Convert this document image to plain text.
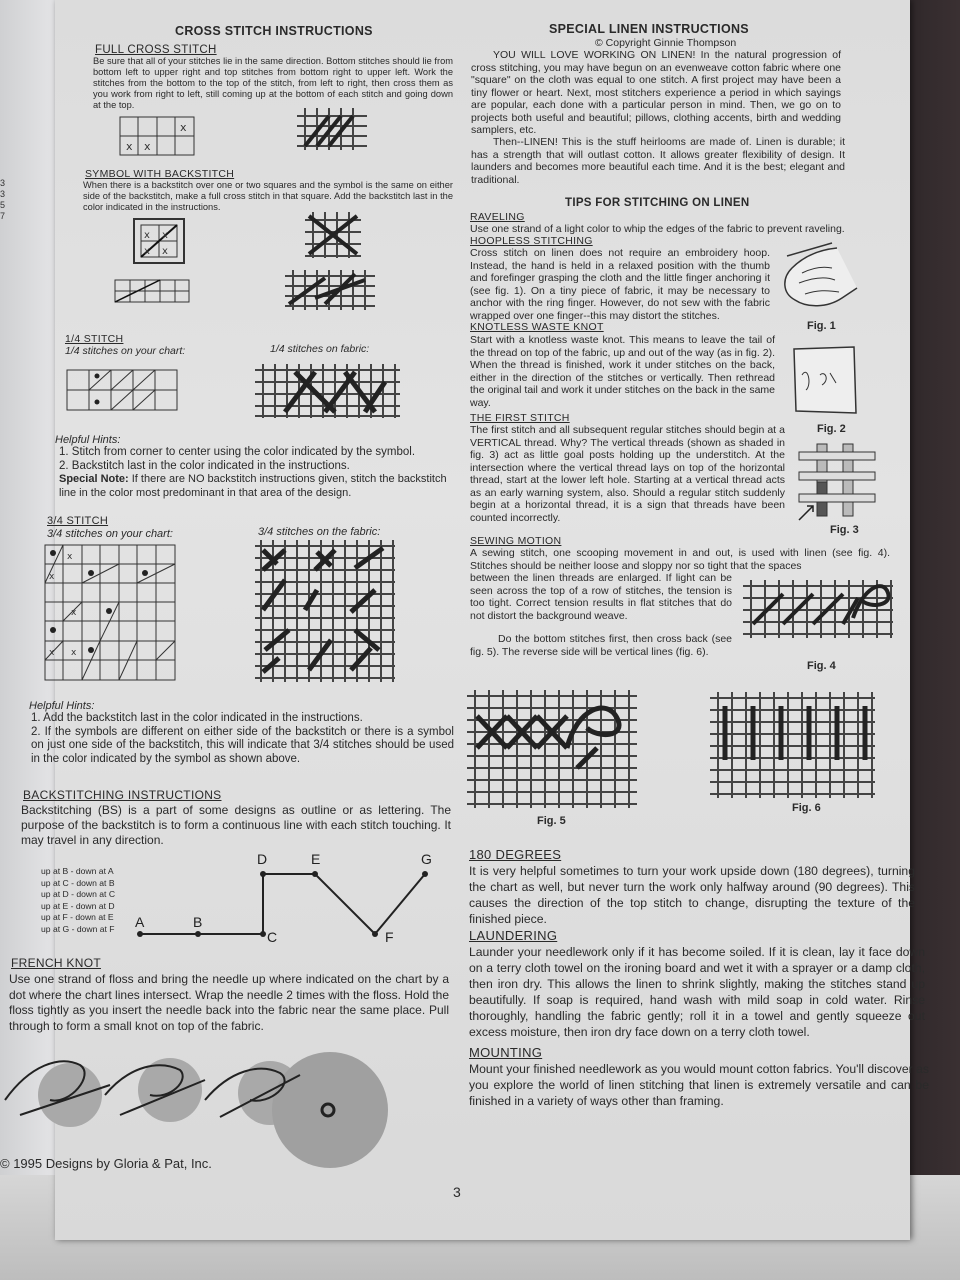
3
3
5
7
CROSS STITCH INSTRUCTIONS
FULL CROSS STITCH
Be sure that all of your stitches lie in the same direction. Bottom stitches should lie from bottom left to upper right and top stitches from bottom right to upper left. Work the stitches from the bottom to the top of the stitch, from left to right, then cross them as you work from right to left, still coming up at the bottom of each stitch and going down at the top.
x
x x
SYMBOL WITH BACKSTITCH
When there is a backstitch over one or two squares and the symbol is the same on either side of the backstitch, make a full cross stitch in that square. Add the backstitch last in the color indicated in the instructions.
x x
x x
1/4 STITCH
1/4 stitches on your chart:	1/4 stitches on fabric:
Helpful Hints:
1. Stitch from corner to center using the color indicated by the symbol.
2. Backstitch last in the color indicated in the instructions.
Special Note: If there are NO backstitch instructions given, stitch the backstitch line in the color most predominant in that area of the design.
3/4 STITCH
3/4 stitches on your chart:	3/4 stitches on the fabric:
x
x
x
x x
Helpful Hints:
1. Add the backstitch last in the color indicated in the instructions.
2. If the symbols are different on either side of the backstitch or there is a symbol on just one side of the backstitch, this will indicate that 3/4 stitches should be used in the color indicated by the symbol as shown above.
BACKSTITCHING INSTRUCTIONS
Backstitching (BS) is a part of some designs as outline or as lettering. The purpose of the backstitch is to form a continuous line with each stitch touching. It may travel in any direction.
up at B - down at A
up at C - down at B
up at D - down at C
up at E - down at D
up at F - down at E
up at G - down at F A	B
C
D	E
F
G
FRENCH KNOT
Use one strand of floss and bring the needle up where indicated on the chart by a dot where the chart lines intersect. Wrap the needle 2 times with the floss. Hold the floss tightly as you insert the needle back into the fabric near the same place. Pull through to form a small knot on top of the fabric.
© 1995 Designs by Gloria & Pat, Inc.
SPECIAL LINEN INSTRUCTIONS
© Copyright Ginnie Thompson
YOU WILL LOVE WORKING ON LINEN! In the natural progression of cross stitching, you may have begun on an evenweave cotton fabric where one "square" on the cloth was equal to one stitch. A first project may have been a tiny flower or heart. Next, most stitchers experience a period in which sayings are popular, each done with a particular person in mind. Then, we go on to projects both useful and beautiful; pillows, clothing accents, birth and wedding samplers, etc.
Then--LINEN! This is the stuff heirlooms are made of. Linen is durable; it has a strength that will outlast cotton. It allows greater flexibility of design. It launders and becomes more beautiful each time. And it is the best; elegant and traditional.
TIPS FOR STITCHING ON LINEN
RAVELING
Use one strand of a light color to whip the edges of the fabric to prevent raveling.
HOOPLESS STITCHING
Cross stitch on linen does not require an embroidery hoop. Instead, the hand is held in a relaxed position with the thumb and forefinger grasping the cloth and the little finger anchoring it (see fig. 1). On a tiny piece of fabric, it may be necessary to anchor with the ring finger. However, do not sew with the fabric wrapped over one finger--this may distort the stitches.
Fig. 1
KNOTLESS WASTE KNOT
Start with a knotless waste knot. This means to leave the tail of the thread on top of the fabric, up and out of the way (as in fig. 2). When the thread is finished, work it under stitches on the back, either in the direction of the stitches or vertically. Then rethread the original tail and work it under stitches on the back in the same way.
Fig. 2
THE FIRST STITCH
The first stitch and all subsequent regular stitches should begin at a VERTICAL thread. Why? The vertical threads (shown as shaded in fig. 3) act as little goal posts holding up the understitch. At the intersection where the vertical thread lays on top of the horizontal thread, start at the lower left hole. Starting at a vertical thread acts as an early warning system, also. Should a regular stitch suddenly begin at a horizontal thread, it is a sign that threads have been counted incorrectly.
Fig. 3
SEWING MOTION
A sewing stitch, one scooping movement in and out, is used with linen (see fig. 4). Stitches should be neither loose and sloppy nor so tight that the spaces
between the linen threads are enlarged. If light can be seen across the top of a row of stitches, the tension is too tight. Correct tension results in flat stitches that do not distort the background weave.
Do the bottom stitches first, then cross back (see fig. 5). The reverse side will be vertical lines (fig. 6).
Fig. 4
Fig. 5
Fig. 6
180 DEGREES
It is very helpful sometimes to turn your work upside down (180 degrees), turning the chart as well, but never turn the work only halfway around (90 degrees). This causes the direction of the top stitch to change, disrupting the texture of the finished piece.
LAUNDERING
Launder your needlework only if it has become soiled. If it is clean, lay it face down on a terry cloth towel on the ironing board and wet it with a sprayer or a damp cloth, then iron dry. This allows the linen to shrink slightly, making the stitches stand up beautifully. If soap is required, hand wash with mild soap in cold water. Rinse thoroughly, handling the fabric gently; roll it in a towel and gently squeeze out excess moisture, then iron dry face down on a terry cloth towel.
MOUNTING
Mount your finished needlework as you would mount cotton fabrics. You'll discover as you explore the world of linen stitching that linen is extremely versatile and can be finished in a variety of ways other than framing.
3
